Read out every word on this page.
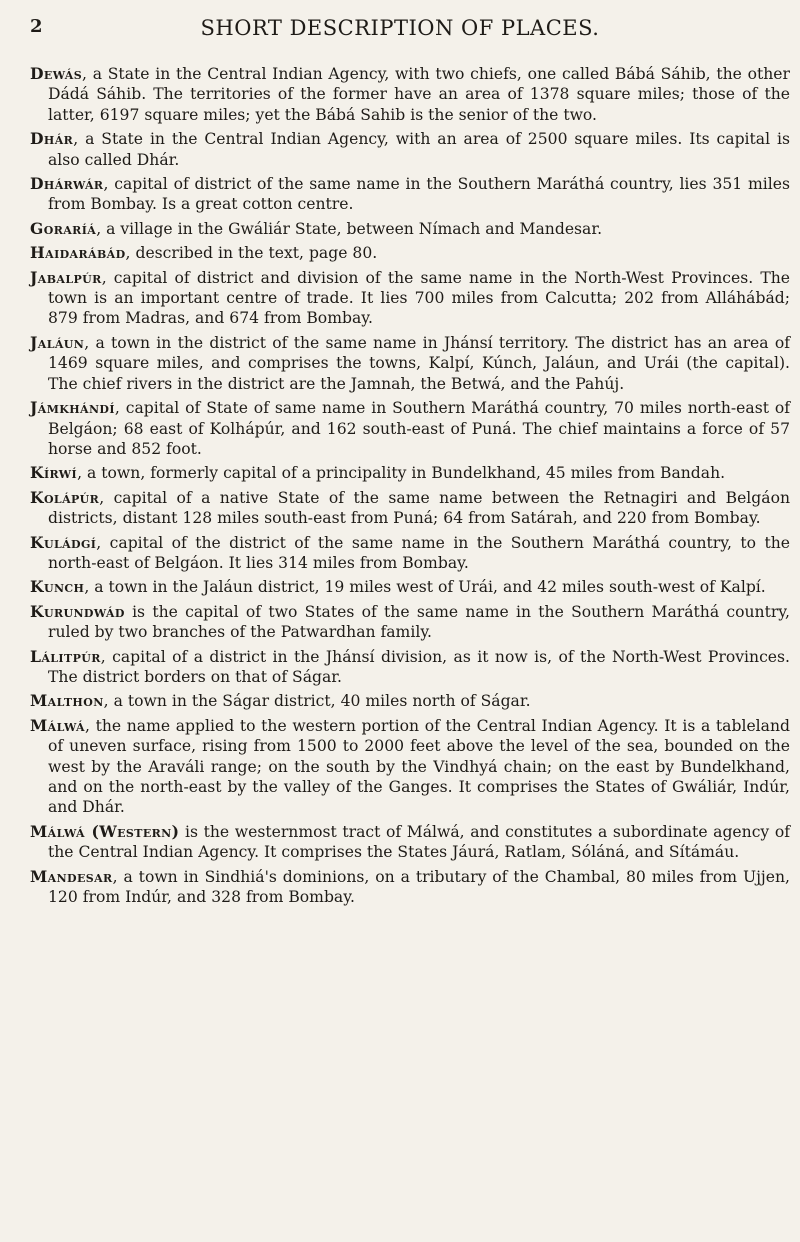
2	SHORT DESCRIPTION OF PLACES.

Dewás, a State in the Central Indian Agency, with two chiefs, one called Bábá Sáhib, the other Dádá Sáhib. The territories of the former have an area of 1378 square miles; those of the latter, 6197 square miles; yet the Bábá Sahib is the senior of the two.

Dhár, a State in the Central Indian Agency, with an area of 2500 square miles. Its capital is also called Dhár.

Dhárwár, capital of district of the same name in the Southern Maráthá country, lies 351 miles from Bombay. Is a great cotton centre.

Goraríá, a village in the Gwáliár State, between Nímach and Mandesar.

Haidarábád, described in the text, page 80.

Jabalpúr, capital of district and division of the same name in the North-West Provinces. The town is an important centre of trade. It lies 700 miles from Calcutta; 202 from Alláhábád; 879 from Madras, and 674 from Bombay.

Jaláun, a town in the district of the same name in Jhánsí territory. The district has an area of 1469 square miles, and comprises the towns, Kalpí, Kúnch, Jaláun, and Urái (the capital). The chief rivers in the district are the Jamnah, the Betwá, and the Pahúj.

Jámkhándí, capital of State of same name in Southern Maráthá country, 70 miles north-east of Belgáon; 68 east of Kolhápúr, and 162 south-east of Puná. The chief maintains a force of 57 horse and 852 foot.

Kírwí, a town, formerly capital of a principality in Bundelkhand, 45 miles from Bandah.

Kolápúr, capital of a native State of the same name between the Retnagiri and Belgáon districts, distant 128 miles south-east from Puná; 64 from Satárah, and 220 from Bombay.

Kuládgí, capital of the district of the same name in the Southern Maráthá country, to the north-east of Belgáon. It lies 314 miles from Bombay.

Kunch, a town in the Jaláun district, 19 miles west of Urái, and 42 miles south-west of Kalpí.

Kurundwád is the capital of two States of the same name in the Southern Maráthá country, ruled by two branches of the Patwardhan family.

Lálitpúr, capital of a district in the Jhánsí division, as it now is, of the North-West Provinces. The district borders on that of Ságar.

Malthon, a town in the Ságar district, 40 miles north of Ságar.

Málwá, the name applied to the western portion of the Central Indian Agency. It is a tableland of uneven surface, rising from 1500 to 2000 feet above the level of the sea, bounded on the west by the Araváli range; on the south by the Vindhyá chain; on the east by Bundelkhand, and on the north-east by the valley of the Ganges. It comprises the States of Gwáliár, Indúr, and Dhár.

Málwá (Western) is the westernmost tract of Málwá, and constitutes a subordinate agency of the Central Indian Agency. It comprises the States Jáurá, Ratlam, Sóláná, and Sítámáu.

Mandesar, a town in Sindhiá's dominions, on a tributary of the Chambal, 80 miles from Ujjen, 120 from Indúr, and 328 from Bombay.
